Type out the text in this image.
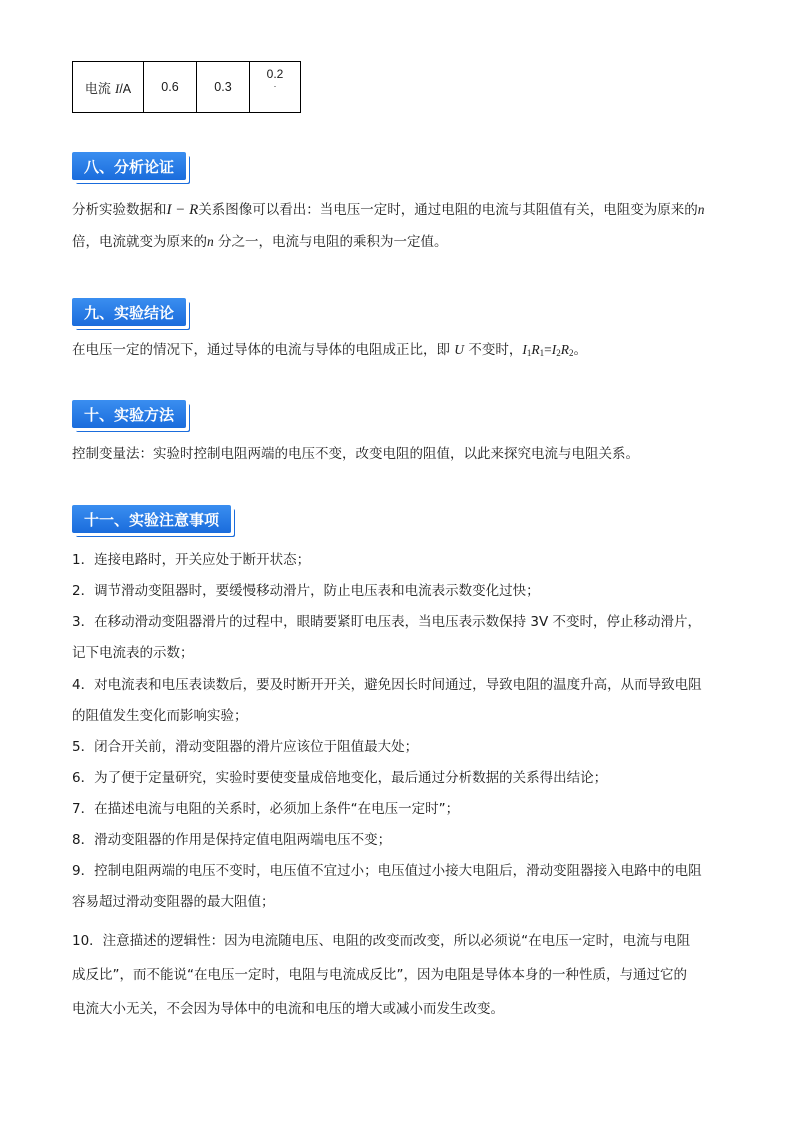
电流 I/A	0.6	0.3	0.2
.
八、分析论证
分析实验数据和I − R关系图像可以看出：当电压一定时，通过电阻的电流与其阻值有关，电阻变为原来的n 倍，电流就变为原来的n 分之一，电流与电阻的乘积为一定值。
九、实验结论
在电压一定的情况下，通过导体的电流与导体的电阻成正比，即 U 不变时，$I_1R_1=I_2R_2$。
十、实验方法
控制变量法：实验时控制电阻两端的电压不变，改变电阻的阻值，以此来探究电流与电阻关系。
十一、实验注意事项
1．连接电路时，开关应处于断开状态；
2．调节滑动变阻器时，要缓慢移动滑片，防止电压表和电流表示数变化过快；
3．在移动滑动变阻器滑片的过程中，眼睛要紧盯电压表，当电压表示数保持 3V 不变时，停止移动滑片，
记下电流表的示数；
4．对电流表和电压表读数后，要及时断开开关，避免因长时间通过，导致电阻的温度升高，从而导致电阻
的阻值发生变化而影响实验；
5．闭合开关前，滑动变阻器的滑片应该位于阻值最大处；
6．为了便于定量研究，实验时要使变量成倍地变化，最后通过分析数据的关系得出结论；
7．在描述电流与电阻的关系时，必须加上条件“在电压一定时”；
8．滑动变阻器的作用是保持定值电阻两端电压不变；
9．控制电阻两端的电压不变时，电压值不宜过小；电压值过小接大电阻后，滑动变阻器接入电路中的电阻
容易超过滑动变阻器的最大阻值；
10．注意描述的逻辑性：因为电流随电压、电阻的改变而改变，所以必须说“在电压一定时，电流与电阻
成反比”，而不能说“在电压一定时，电阻与电流成反比”，因为电阻是导体本身的一种性质，与通过它的
电流大小无关，不会因为导体中的电流和电压的增大或减小而发生改变。
